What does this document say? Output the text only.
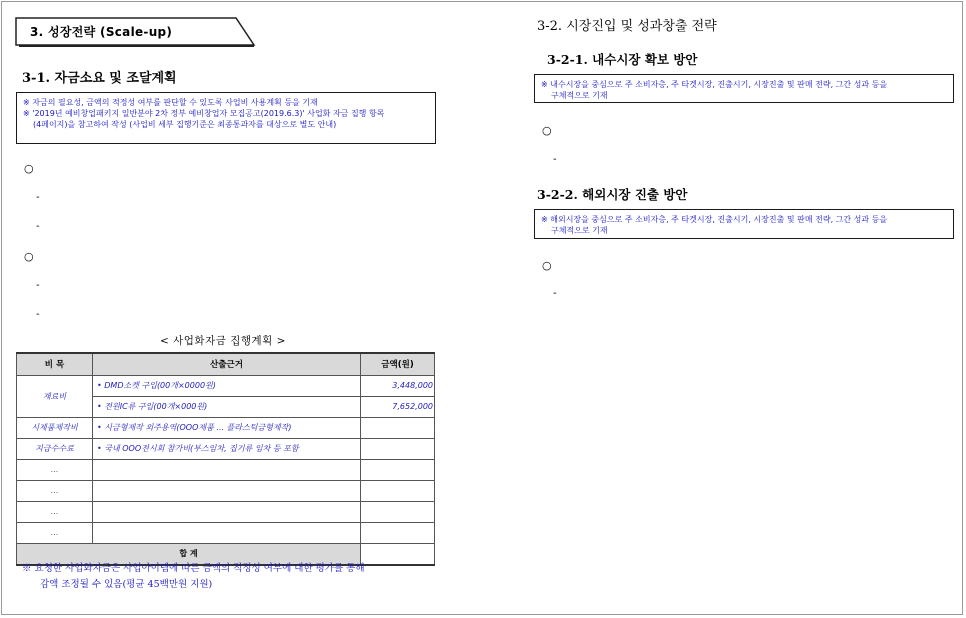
3. 성장전략 (Scale-up)
3-1. 자금소요 및 조달계획
※ 자금의 필요성, 금액의 적정성 여부를 판단할 수 있도록 사업비 사용계획 등을 기재
※ '2019년 예비창업패키지 일반분야 2차 정부 예비창업자 모집공고(2019.6.3)' 사업화 자금 집행 항목
(4페이지)을 참고하여 작성 (사업비 세부 집행기준은 최종통과자를 대상으로 별도 안내)
○
-
-
○
-
-
< 사업화자금 집행계획 >
비 목	산출근거	금액(원)
재료비	• DMD소켓 구입(00개×0000원)	3,448,000
	• 전원IC류 구입(00개×000원)	7,652,000
시제품제작비	• 시금형제작 외주용역(OOO제품 ... 플라스틱금형제작)	
지급수수료	• 국내 OOO전시회 참가비(부스임차, 집기류 임차 등 포함	
...		
...		
...		
...		
합 계		
※ 요청한 사업화자금은 사업아이템에 따른 금액의 적정성 여부에 대한 평가를 통해
감액 조정될 수 있음(평균 45백만원 지원)
3-2. 시장진입 및 성과창출 전략
3-2-1. 내수시장 확보 방안
※ 내수시장을 중심으로 주 소비자층, 주 타겟시장, 진출시기, 시장진출 및 판매 전략, 그간 성과 등을
구체적으로 기재
○
-
3-2-2. 해외시장 진출 방안
※ 해외시장을 중심으로 주 소비자층, 주 타겟시장, 진출시기, 시장진출 및 판매 전략, 그간 성과 등을
구체적으로 기재
○
-
